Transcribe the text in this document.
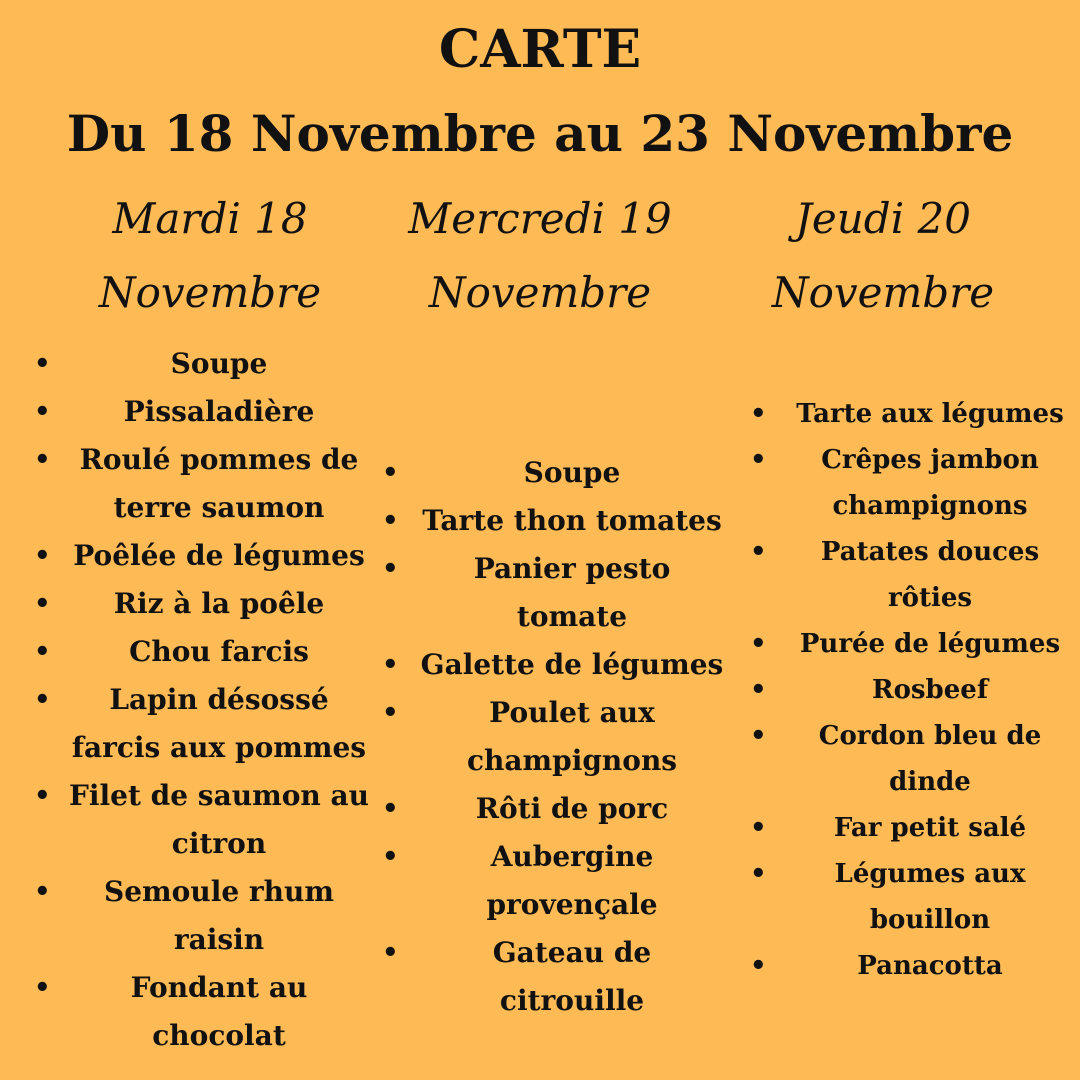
CARTE
Du 18 Novembre au 23 Novembre
Mardi 18
Novembre
Mercredi 19
Novembre
Jeudi 20
Novembre
•	Soupe
•	Pissaladière
• Roulé pommes de terre saumon
• Poêlée de légumes
• Riz à la poêle
•	Chou farcis
• Lapin désossé farcis aux pommes
• Filet de saumon au citron
• Semoule rhum raisin
•	Fondant au chocolat
•	Soupe
• Tarte thon tomates
•	Panier pesto tomate
• Galette de légumes
•	Poulet aux champignons
•	Rôti de porc
•	Aubergine provençale
•	Gateau de citrouille
• Tarte aux légumes
• Crêpes jambon champignons
• Patates douces rôties
• Purée de légumes
•	Rosbeef
• Cordon bleu de dinde
•	Far petit salé
•	Légumes aux bouillon
•	Panacotta
